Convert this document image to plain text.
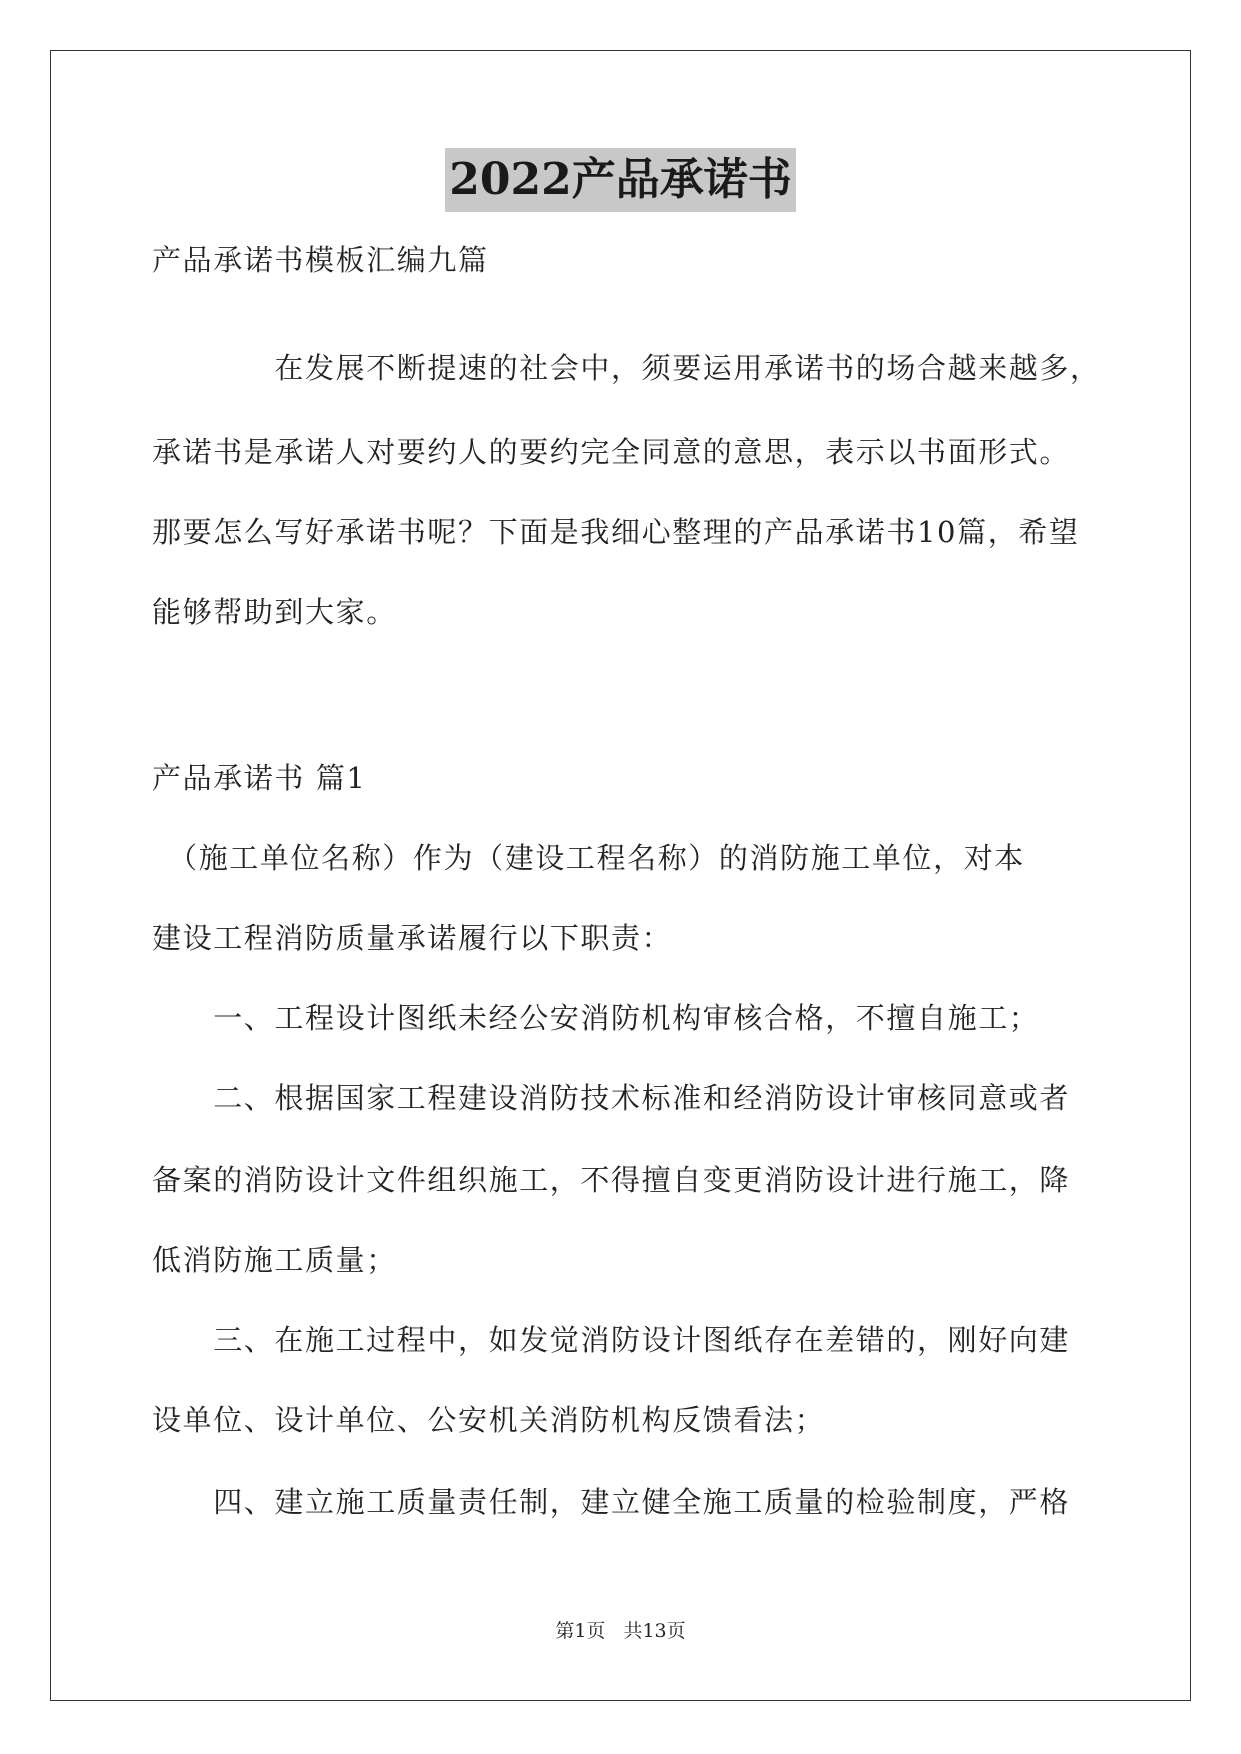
2022产品承诺书
产品承诺书模板汇编九篇
　　　　在发展不断提速的社会中，须要运用承诺书的场合越来越多，
承诺书是承诺人对要约人的要约完全同意的意思，表示以书面形式。
那要怎么写好承诺书呢？下面是我细心整理的产品承诺书10篇，希望
能够帮助到大家。
产品承诺书 篇1
　（施工单位名称）作为（建设工程名称）的消防施工单位，对本
建设工程消防质量承诺履行以下职责：
　　一、工程设计图纸未经公安消防机构审核合格，不擅自施工；
　　二、根据国家工程建设消防技术标准和经消防设计审核同意或者
备案的消防设计文件组织施工，不得擅自变更消防设计进行施工，降
低消防施工质量；
　　三、在施工过程中，如发觉消防设计图纸存在差错的，刚好向建
设单位、设计单位、公安机关消防机构反馈看法；
　　四、建立施工质量责任制，建立健全施工质量的检验制度，严格
第1页 共13页
